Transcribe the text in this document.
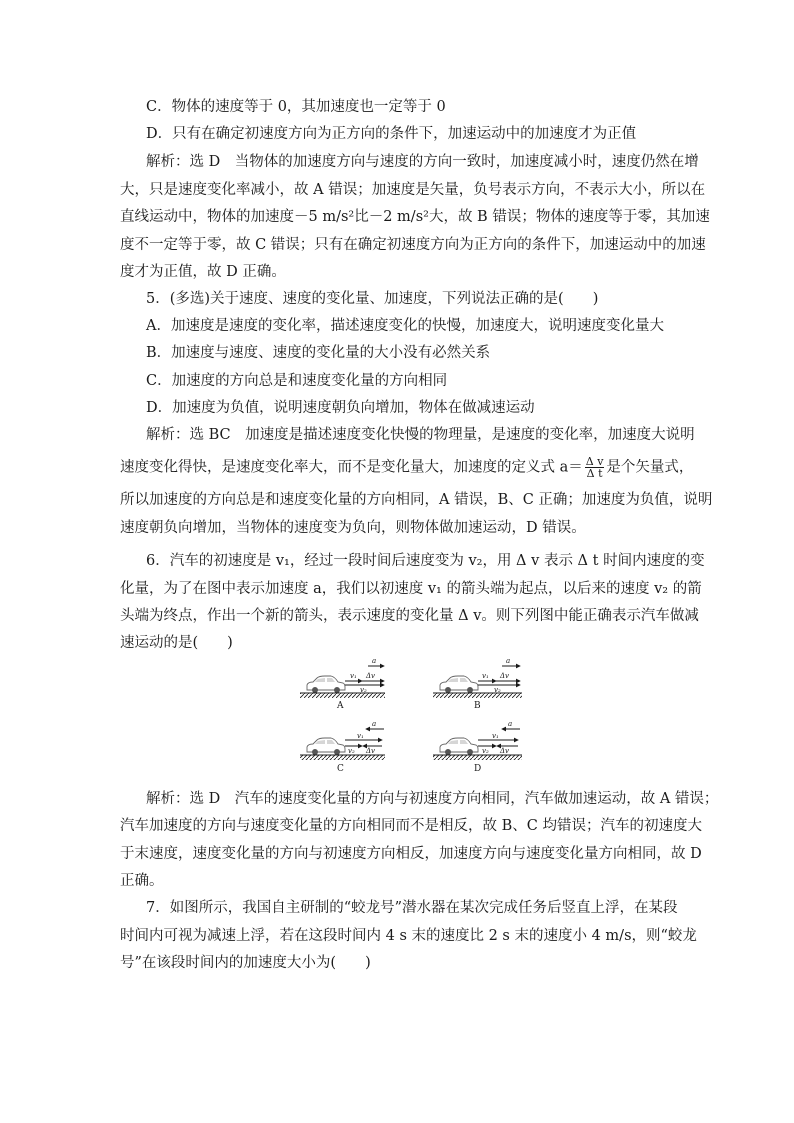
C．物体的速度等于 0，其加速度也一定等于 0
D．只有在确定初速度方向为正方向的条件下，加速运动中的加速度才为正值
解析：选 D　当物体的加速度方向与速度的方向一致时，加速度减小时，速度仍然在增
大，只是速度变化率减小，故 A 错误；加速度是矢量，负号表示方向，不表示大小，所以在
直线运动中，物体的加速度－5 m/s²比－2 m/s²大，故 B 错误；物体的速度等于零，其加速
度不一定等于零，故 C 错误；只有在确定初速度方向为正方向的条件下，加速运动中的加速
度才为正值，故 D 正确。
5．(多选)关于速度、速度的变化量、加速度，下列说法正确的是(　　)
A．加速度是速度的变化率，描述速度变化的快慢，加速度大，说明速度变化量大
B．加速度与速度、速度的变化量的大小没有必然关系
C．加速度的方向总是和速度变化量的方向相同
D．加速度为负值，说明速度朝负向增加，物体在做减速运动
解析：选 BC　加速度是描述速度变化快慢的物理量，是速度的变化率，加速度大说明
速度变化得快，是速度变化率大，而不是变化量大，加速度的定义式 $a= \frac{\text{Δ v}}{\text{Δ t}}$ 是个矢量式，
所以加速度的方向总是和速度变化量的方向相同，A 错误，B、C 正确；加速度为负值，说明
速度朝负向增加，当物体的速度变为负向，则物体做加速运动，D 错误。
6．汽车的初速度是 v₁，经过一段时间后速度变为 v₂，用 Δ v 表示 Δ t 时间内速度的变
化量，为了在图中表示加速度 a，我们以初速度 v₁ 的箭头端为起点，以后来的速度 v₂ 的箭
头端为终点，作出一个新的箭头，表示速度的变化量 Δ v。则下列图中能正确表示汽车做减
速运动的是(　　)
a
v₁ Δv
v₂
A
a
v₁ Δv
v₂
B
a
v₁
v₂ Δv
C
a
v₁
v₂ Δv
D
解析：选 D　汽车的速度变化量的方向与初速度方向相同，汽车做加速运动，故 A 错误；
汽车加速度的方向与速度变化量的方向相同而不是相反，故 B、C 均错误；汽车的初速度大
于末速度，速度变化量的方向与初速度方向相反，加速度方向与速度变化量方向相同，故 D
正确。
7．如图所示，我国自主研制的“蛟龙号”潜水器在某次完成任务后竖直上浮，在某段
时间内可视为减速上浮，若在这段时间内 4 s 末的速度比 2 s 末的速度小 4 m/s，则“蛟龙
号”在该段时间内的加速度大小为(　　)
